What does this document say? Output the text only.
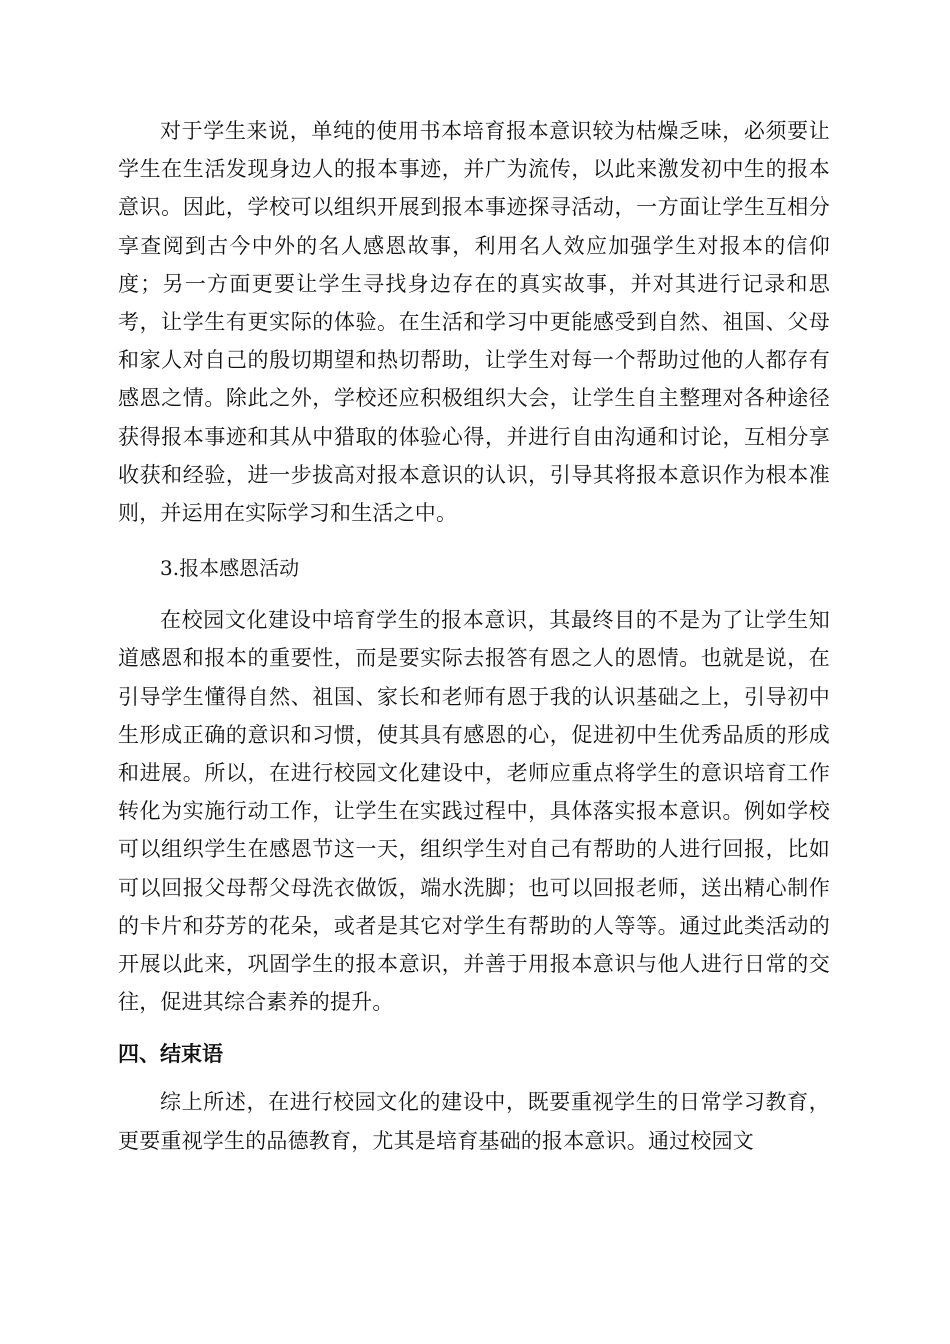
对于学生来说，单纯的使用书本培育报本意识较为枯燥乏味，必须要让学生在生活发现身边人的报本事迹，并广为流传，以此来激发初中生的报本意识。因此，学校可以组织开展到报本事迹探寻活动，一方面让学生互相分享查阅到古今中外的名人感恩故事，利用名人效应加强学生对报本的信仰度；另一方面更要让学生寻找身边存在的真实故事，并对其进行记录和思考，让学生有更实际的体验。在生活和学习中更能感受到自然、祖国、父母和家人对自己的殷切期望和热切帮助，让学生对每一个帮助过他的人都存有感恩之情。除此之外，学校还应积极组织大会，让学生自主整理对各种途径获得报本事迹和其从中猎取的体验心得，并进行自由沟通和讨论，互相分享收获和经验，进一步拔高对报本意识的认识，引导其将报本意识作为根本准则，并运用在实际学习和生活之中。

3.报本感恩活动

在校园文化建设中培育学生的报本意识，其最终目的不是为了让学生知道感恩和报本的重要性，而是要实际去报答有恩之人的恩情。也就是说，在引导学生懂得自然、祖国、家长和老师有恩于我的认识基础之上，引导初中生形成正确的意识和习惯，使其具有感恩的心，促进初中生优秀品质的形成和进展。所以，在进行校园文化建设中，老师应重点将学生的意识培育工作转化为实施行动工作，让学生在实践过程中，具体落实报本意识。例如学校可以组织学生在感恩节这一天，组织学生对自己有帮助的人进行回报，比如可以回报父母帮父母洗衣做饭，端水洗脚；也可以回报老师，送出精心制作的卡片和芬芳的花朵，或者是其它对学生有帮助的人等等。通过此类活动的开展以此来，巩固学生的报本意识，并善于用报本意识与他人进行日常的交往，促进其综合素养的提升。

四、结束语

综上所述，在进行校园文化的建设中，既要重视学生的日常学习教育，更要重视学生的品德教育，尤其是培育基础的报本意识。通过校园文
